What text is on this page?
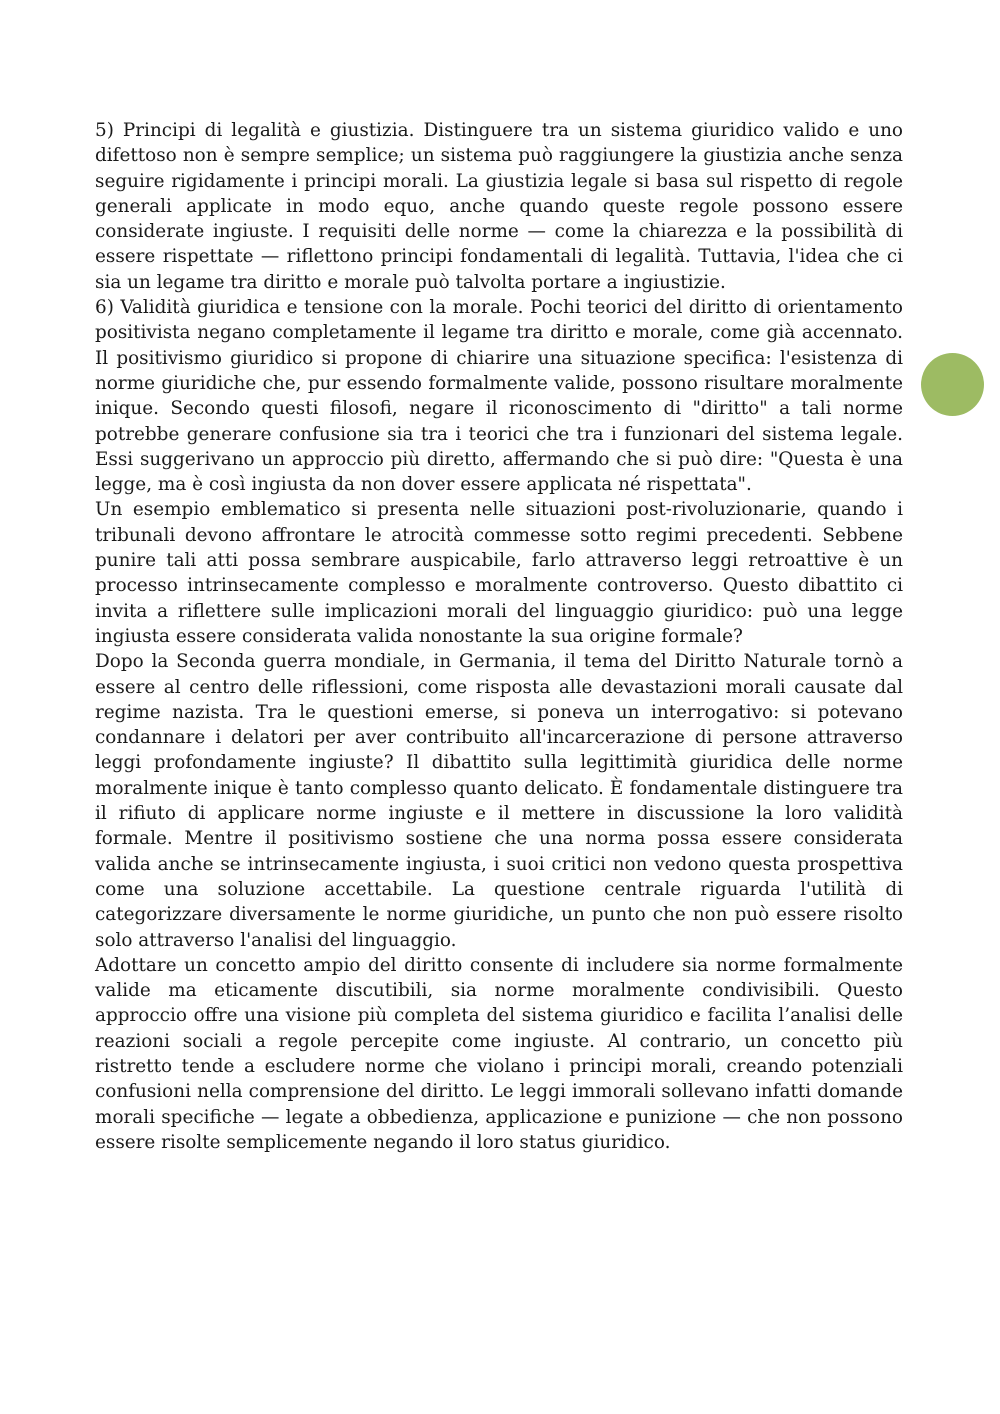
5) Principi di legalità e giustizia. Distinguere tra un sistema giuridico valido e uno difettoso non è sempre semplice; un sistema può raggiungere la giustizia anche senza seguire rigidamente i principi morali. La giustizia legale si basa sul rispetto di regole generali applicate in modo equo, anche quando queste regole possono essere considerate ingiuste. I requisiti delle norme — come la chiarezza e la possibilità di essere rispettate — riflettono principi fondamentali di legalità. Tuttavia, l'idea che ci sia un legame tra diritto e morale può talvolta portare a ingiustizie.

6) Validità giuridica e tensione con la morale. Pochi teorici del diritto di orientamento positivista negano completamente il legame tra diritto e morale, come già accennato. Il positivismo giuridico si propone di chiarire una situazione specifica: l'esistenza di norme giuridiche che, pur essendo formalmente valide, possono risultare moralmente inique. Secondo questi filosofi, negare il riconoscimento di "diritto" a tali norme potrebbe generare confusione sia tra i teorici che tra i funzionari del sistema legale. Essi suggerivano un approccio più diretto, affermando che si può dire: "Questa è una legge, ma è così ingiusta da non dover essere applicata né rispettata".

Un esempio emblematico si presenta nelle situazioni post-rivoluzionarie, quando i tribunali devono affrontare le atrocità commesse sotto regimi precedenti. Sebbene punire tali atti possa sembrare auspicabile, farlo attraverso leggi retroattive è un processo intrinsecamente complesso e moralmente controverso. Questo dibattito ci invita a riflettere sulle implicazioni morali del linguaggio giuridico: può una legge ingiusta essere considerata valida nonostante la sua origine formale?

Dopo la Seconda guerra mondiale, in Germania, il tema del Diritto Naturale tornò a essere al centro delle riflessioni, come risposta alle devastazioni morali causate dal regime nazista. Tra le questioni emerse, si poneva un interrogativo: si potevano condannare i delatori per aver contribuito all'incarcerazione di persone attraverso leggi profondamente ingiuste? Il dibattito sulla legittimità giuridica delle norme moralmente inique è tanto complesso quanto delicato. È fondamentale distinguere tra il rifiuto di applicare norme ingiuste e il mettere in discussione la loro validità formale. Mentre il positivismo sostiene che una norma possa essere considerata valida anche se intrinsecamente ingiusta, i suoi critici non vedono questa prospettiva come una soluzione accettabile. La questione centrale riguarda l'utilità di categorizzare diversamente le norme giuridiche, un punto che non può essere risolto solo attraverso l'analisi del linguaggio.

Adottare un concetto ampio del diritto consente di includere sia norme formalmente valide ma eticamente discutibili, sia norme moralmente condivisibili. Questo approccio offre una visione più completa del sistema giuridico e facilita l’analisi delle reazioni sociali a regole percepite come ingiuste. Al contrario, un concetto più ristretto tende a escludere norme che violano i principi morali, creando potenziali confusioni nella comprensione del diritto. Le leggi immorali sollevano infatti domande morali specifiche — legate a obbedienza, applicazione e punizione — che non possono essere risolte semplicemente negando il loro status giuridico.
